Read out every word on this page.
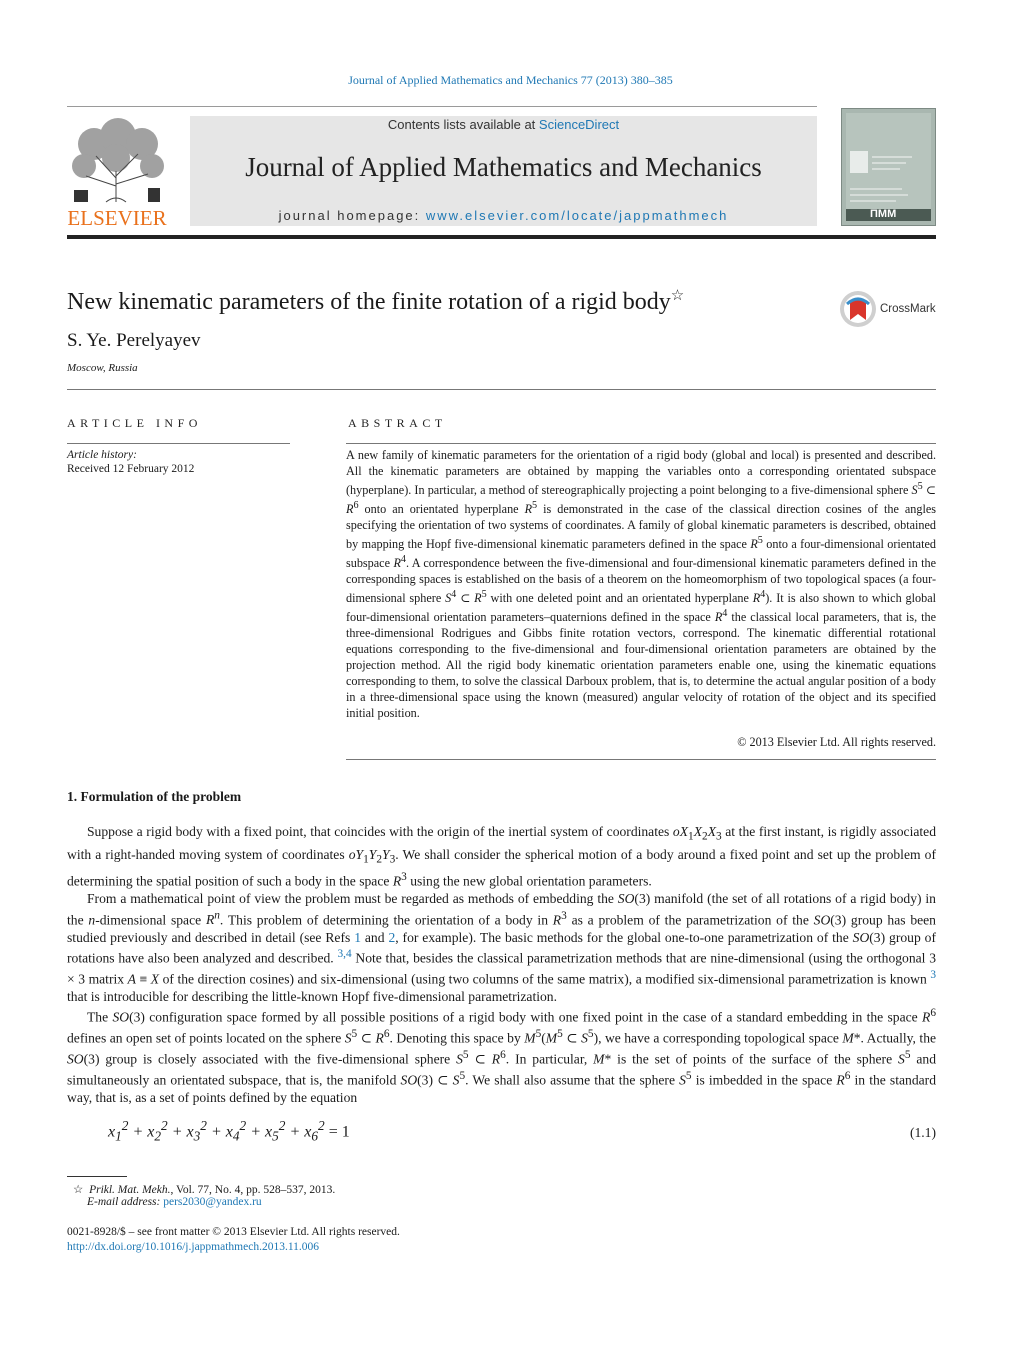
Journal of Applied Mathematics and Mechanics 77 (2013) 380–385
ELSEVIER
Contents lists available at ScienceDirect
Journal of Applied Mathematics and Mechanics
journal homepage: www.elsevier.com/locate/jappmathmech	ПММ
New kinematic parameters of the finite rotation of a rigid body☆
CrossMark
S. Ye. Perelyayev
Moscow, Russia
ARTICLE INFO
Article history:
Received 12 February 2012
ABSTRACT
A new family of kinematic parameters for the orientation of a rigid body (global and local) is presented and described. All the kinematic parameters are obtained by mapping the variables onto a corresponding orientated subspace (hyperplane). In particular, a method of stereographically projecting a point belonging to a five-dimensional sphere $S^5$ ⊂ $R^6$ onto an orientated hyperplane $R^5$ is demonstrated in the case of the classical direction cosines of the angles specifying the orientation of two systems of coordinates. A family of global kinematic parameters is described, obtained by mapping the Hopf five-dimensional kinematic parameters defined in the space $R^5$ onto a four-dimensional orientated subspace $R^4$. A correspondence between the five-dimensional and four-dimensional kinematic parameters defined in the corresponding spaces is established on the basis of a theorem on the homeomorphism of two topological spaces (a four-dimensional sphere $S^4$ ⊂ $R^5$ with one deleted point and an orientated hyperplane $R^4$). It is also shown to which global four-dimensional orientation parameters–quaternions defined in the space $R^4$ the classical local parameters, that is, the three-dimensional Rodrigues and Gibbs finite rotation vectors, correspond. The kinematic differential rotational equations corresponding to the five-dimensional and four-dimensional orientation parameters are obtained by the projection method. All the rigid body kinematic orientation parameters enable one, using the kinematic equations corresponding to them, to solve the classical Darboux problem, that is, to determine the actual angular position of a body in a three-dimensional space using the known (measured) angular velocity of rotation of the object and its specified initial position.
© 2013 Elsevier Ltd. All rights reserved.
1. Formulation of the problem

Suppose a rigid body with a fixed point, that coincides with the origin of the inertial system of coordinates $oX_1X_2X_3$ at the first instant, is rigidly associated with a right-handed moving system of coordinates $oY_1Y_2Y_3$. We shall consider the spherical motion of a body around a fixed point and set up the problem of determining the spatial position of such a body in the space $R^3$ using the new global orientation parameters.

From a mathematical point of view the problem must be regarded as methods of embedding the SO(3) manifold (the set of all rotations of a rigid body) in the n-dimensional space $R^n$. This problem of determining the orientation of a body in $R^3$ as a problem of the parametrization of the SO(3) group has been studied previously and described in detail (see Refs 1 and 2, for example). The basic methods for the global one-to-one parametrization of the SO(3) group of rotations have also been analyzed and described. $^{3,4}$ Note that, besides the classical parametrization methods that are nine-dimensional (using the orthogonal 3 × 3 matrix A ≡ X of the direction cosines) and six-dimensional (using two columns of the same matrix), a modified six-dimensional parametrization is known $^3$ that is introducible for describing the little-known Hopf five-dimensional parametrization.

The SO(3) configuration space formed by all possible positions of a rigid body with one fixed point in the case of a standard embedding in the space $R^6$ defines an open set of points located on the sphere $S^5$ ⊂ $R^6$. Denoting this space by $M^5(M^5$ ⊂ $S^5$), we have a corresponding topological space M*. Actually, the SO(3) group is closely associated with the five-dimensional sphere $S^5$ ⊂ $R^6$. In particular, M* is the set of points of the surface of the sphere $S^5$ and simultaneously an orientated subspace, that is, the manifold SO(3) ⊂ $S^5$. We shall also assume that the sphere $S^5$ is imbedded in the space $R^6$ in the standard way, that is, as a set of points defined by the equation

$x_1^2 + x_2^2 + x_3^2 + x_4^2 + x_5^2 + x_6^2 = 1$	(1.1)
☆ Prikl. Mat. Mekh., Vol. 77, No. 4, pp. 528–537, 2013.
E-mail address: pers2030@yandex.ru
0021-8928/$ – see front matter © 2013 Elsevier Ltd. All rights reserved.
http://dx.doi.org/10.1016/j.jappmathmech.2013.11.006
